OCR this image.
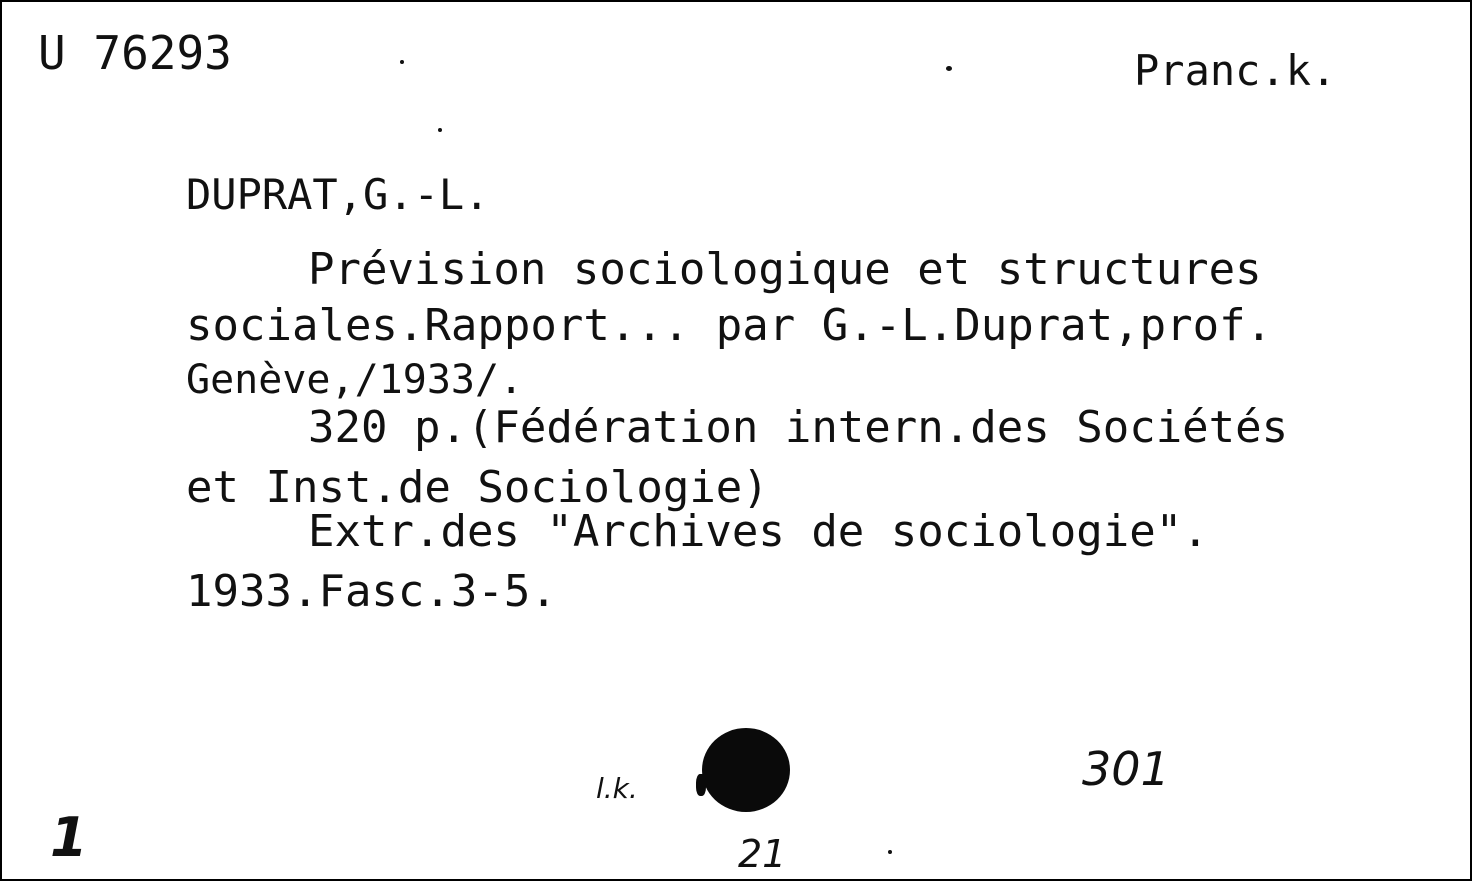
U 76293	Pranc.k.
DUPRAT,G.-L.
Prévision sociologique et structures
sociales.Rapport... par G.-L.Duprat,prof.
Genève,/1933/.
320 p.(Fédération intern.des Sociétés
et Inst.de Sociologie)
Extr.des "Archives de sociologie".
1933.Fasc.3-5.
1
l.k.	301
21
